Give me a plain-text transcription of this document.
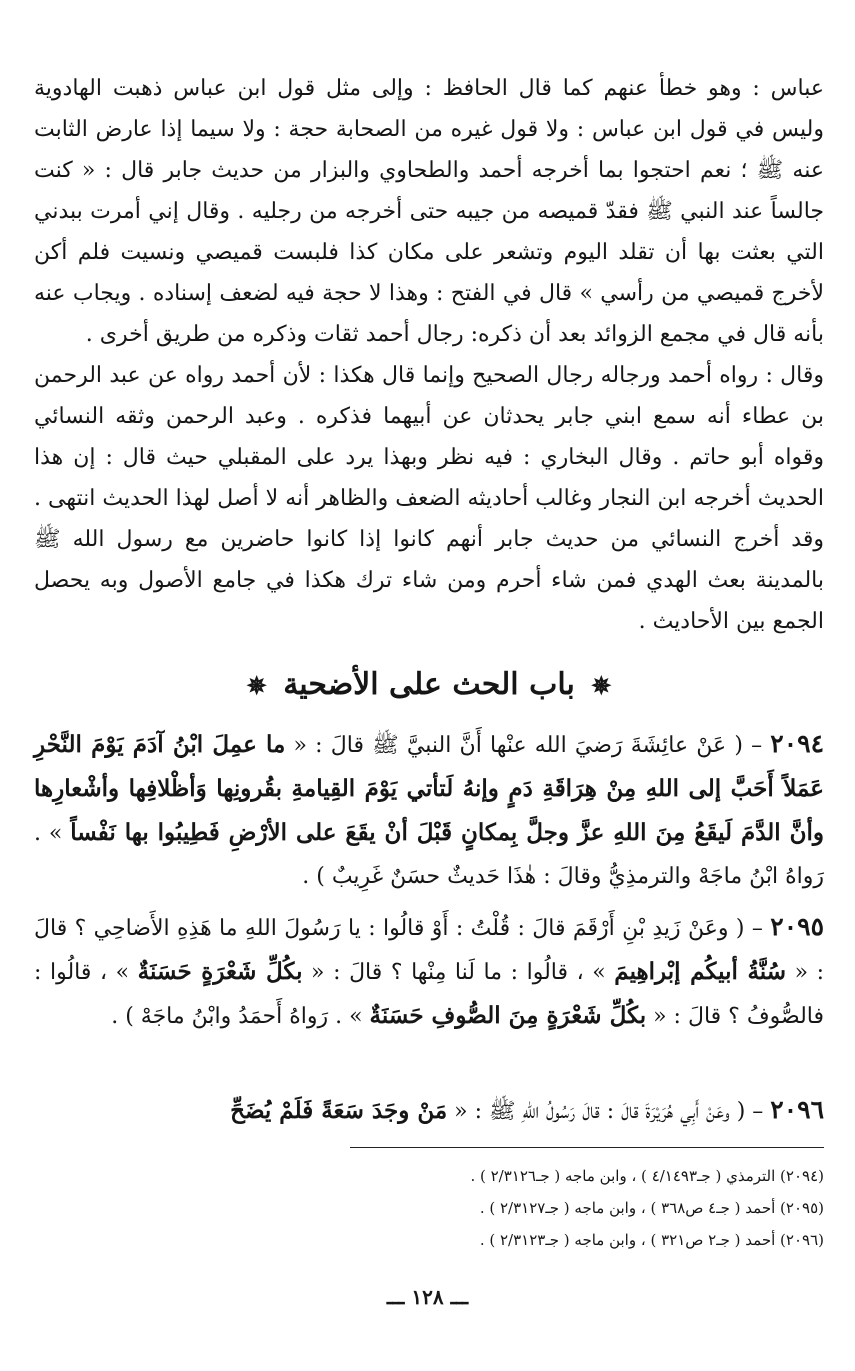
عباس : وهو خطأ عنهم كما قال الحافظ : وإلى مثل قول ابن عباس ذهبت الهادوية وليس في قول ابن عباس : ولا قول غيره من الصحابة حجة : ولا سيما إذا عارض الثابت عنه ﷺ ؛ نعم احتجوا بما أخرجه أحمد والطحاوي والبزار من حديث جابر قال : « كنت جالساً عند النبي ﷺ فقدّ قميصه من جيبه حتى أخرجه من رجليه . وقال إني أمرت ببدني التي بعثت بها أن تقلد اليوم وتشعر على مكان كذا فلبست قميصي ونسيت فلم أكن لأخرج قميصي من رأسي » قال في الفتح : وهذا لا حجة فيه لضعف إسناده . ويجاب عنه بأنه قال في مجمع الزوائد بعد أن ذكره: رجال أحمد ثقات وذكره من طريق أخرى .

وقال : رواه أحمد ورجاله رجال الصحيح وإنما قال هكذا : لأن أحمد رواه عن عبد الرحمن بن عطاء أنه سمع ابني جابر يحدثان عن أبيهما فذكره . وعبد الرحمن وثقه النسائي وقواه أبو حاتم . وقال البخاري : فيه نظر وبهذا يرد على المقبلي حيث قال : إن هذا الحديث أخرجه ابن النجار وغالب أحاديثه الضعف والظاهر أنه لا أصل لهذا الحديث انتهى . وقد أخرج النسائي من حديث جابر أنهم كانوا إذا كانوا حاضرين مع رسول الله ﷺ بالمدينة بعث الهدي فمن شاء أحرم ومن شاء ترك هكذا في جامع الأصول وبه يحصل الجمع بين الأحاديث .

✵ باب الحث على الأضحية ✵
٢٠٩٤ – ( عَنْ عائِشَةَ رَضيَ الله عنْها أَنَّ النبيَّ ﷺ قالَ : « ما عمِلَ ابْنُ آدَمَ يَوْمَ النَّحْرِ عَمَلاً أَحَبَّ إلى اللهِ مِنْ هِرَاقَةِ دَمٍ وإنهُ لَتأتي يَوْمَ القِيامةِ بقُرونِها وَأظْلافِها وأشْعارِها وأنَّ الدَّمَ لَيقَعُ مِنَ اللهِ عزَّ وجلَّ بِمكانٍ قَبْلَ أنْ يقَعَ على الأرْضِ فَطِيبُوا بها نَفْساً » . رَواهُ ابْنُ ماجَهْ والترمذِيُّ وقالَ : هٰذَا حَديثٌ حسَنٌ غَرِيبٌ ) .
٢٠٩٥ – ( وعَنْ زَيدِ بْنِ أَرْقَمَ قالَ : قُلْتُ : أَوْ قالُوا : يا رَسُولَ اللهِ ما هَذِهِ الأَضاحِي ؟ قالَ : « سُنَّةُ أبيكُم إبْراهِيمَ » ، قالُوا : ما لَنا مِنْها ؟ قالَ : « بكُلِّ شَعْرَةٍ حَسَنَةٌ » ، قالُوا : فالصُّوفُ ؟ قالَ : « بكُلِّ شَعْرَةٍ مِنَ الصُّوفِ حَسَنَةٌ » . رَواهُ أَحمَدُ وابْنُ ماجَهْ ) .
٢٠٩٦ – ( وعَنْ أَبِي هُرَيْرَةَ قالَ : قالَ رَسُولُ اللهِ ﷺ : « مَنْ وجَدَ سَعَةً فَلَمْ يُضَحِّ
(٢٠٩٤) الترمذي ( جـ٤/١٤٩٣ ) ، وابن ماجه ( جـ٢/٣١٢٦ ) .
(٢٠٩٥) أحمد ( جـ٤ ص٣٦٨ ) ، وابن ماجه ( جـ٢/٣١٢٧ ) .
(٢٠٩٦) أحمد ( جـ٢ ص٣٢١ ) ، وابن ماجه ( جـ٢/٣١٢٣ ) .
ـــ ١٢٨ ـــ
